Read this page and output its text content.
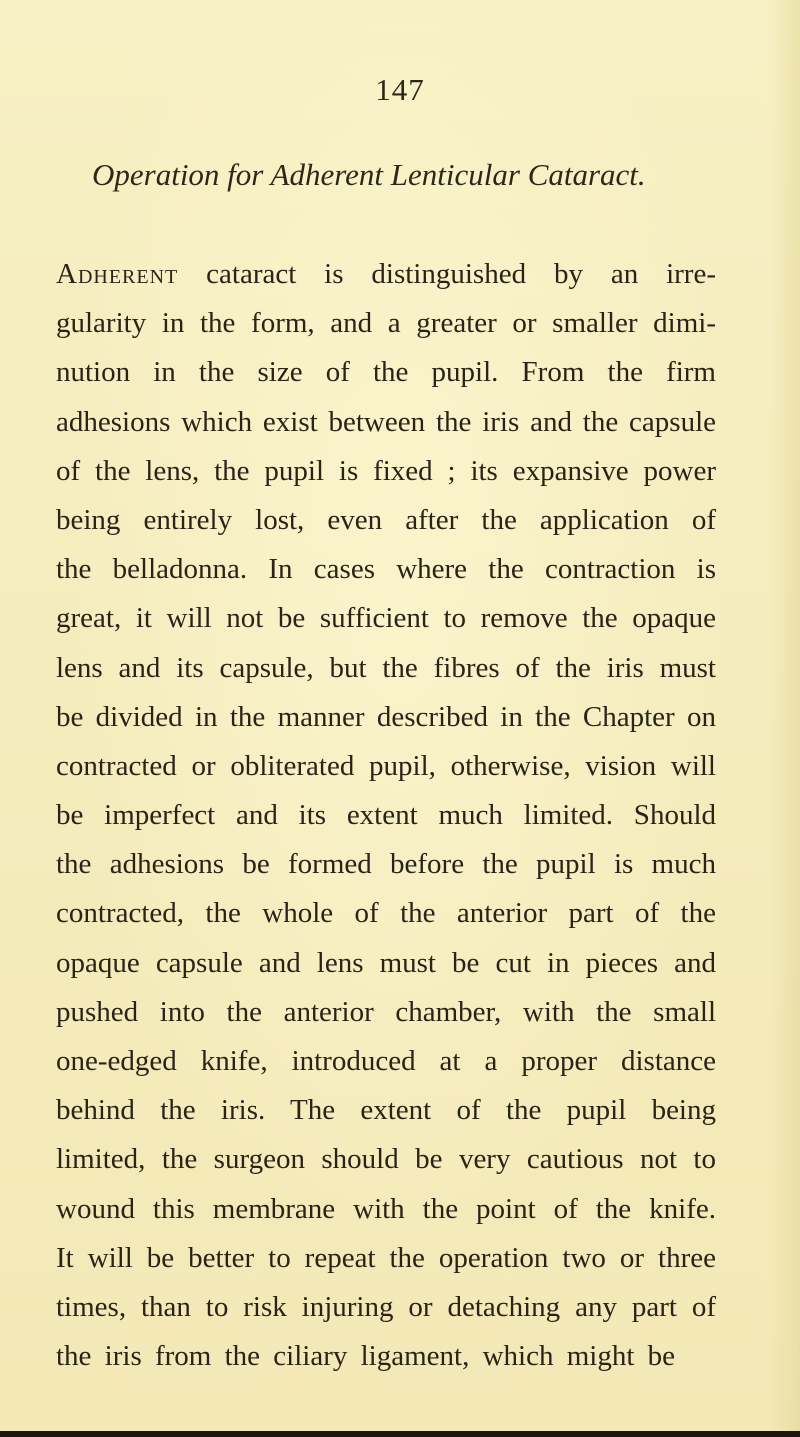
147
Operation for Adherent Lenticular Cataract.
Adherent cataract is distinguished by an irre-
gularity in the form, and a greater or smaller dimi-
nution in the size of the pupil. From the firm
adhesions which exist between the iris and the capsule
of the lens, the pupil is fixed ; its expansive power
being entirely lost, even after the application of
the belladonna. In cases where the contraction is
great, it will not be sufficient to remove the opaque
lens and its capsule, but the fibres of the iris must
be divided in the manner described in the Chapter on
contracted or obliterated pupil, otherwise, vision will
be imperfect and its extent much limited. Should
the adhesions be formed before the pupil is much
contracted, the whole of the anterior part of the
opaque capsule and lens must be cut in pieces and
pushed into the anterior chamber, with the small
one-edged knife, introduced at a proper distance
behind the iris. The extent of the pupil being
limited, the surgeon should be very cautious not to
wound this membrane with the point of the knife.
It will be better to repeat the operation two or three
times, than to risk injuring or detaching any part of
the iris from the ciliary ligament, which might be
